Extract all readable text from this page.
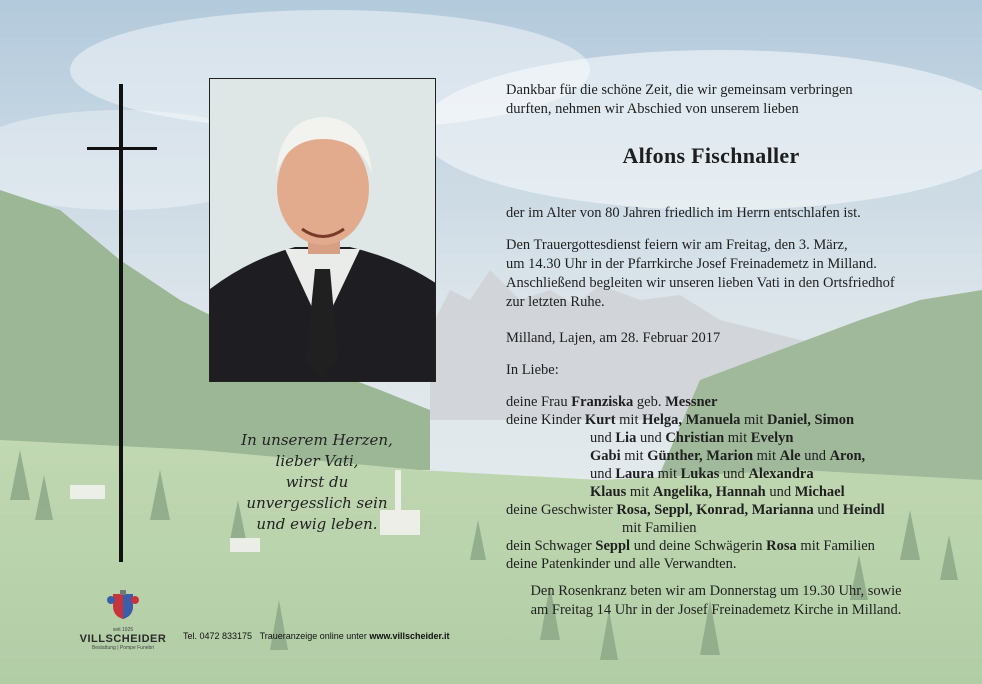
In unserem Herzen,
lieber Vati,
wirst du
unvergesslich sein
und ewig leben.
Dankbar für die schöne Zeit, die wir gemeinsam verbringen
durften, nehmen wir Abschied von unserem lieben
Alfons Fischnaller
der im Alter von 80 Jahren friedlich im Herrn entschlafen ist.
Den Trauergottesdienst feiern wir am Freitag, den 3. März,
um 14.30 Uhr in der Pfarrkirche Josef Freinademetz in Milland.
Anschließend begleiten wir unseren lieben Vati in den Ortsfriedhof
zur letzten Ruhe.
Milland, Lajen, am 28. Februar 2017
In Liebe:
deine Frau Franziska geb. Messner
deine Kinder Kurt mit Helga, Manuela mit Daniel, Simon
und Lia und Christian mit Evelyn
Gabi mit Günther, Marion mit Ale und Aron,
und Laura mit Lukas und Alexandra
Klaus mit Angelika, Hannah und Michael
deine Geschwister Rosa, Seppl, Konrad, Marianna und Heindl
mit Familien
dein Schwager Seppl und deine Schwägerin Rosa mit Familien
deine Patenkinder und alle Verwandten.
Den Rosenkranz beten wir am Donnerstag um 19.30 Uhr, sowie
am Freitag 14 Uhr in der Josef Freinademetz Kirche in Milland.
seit 1925
VILLSCHEIDER
Bestattung | Pompe Funebri
Tel. 0472 833175 Traueranzeige online unter www.villscheider.it
